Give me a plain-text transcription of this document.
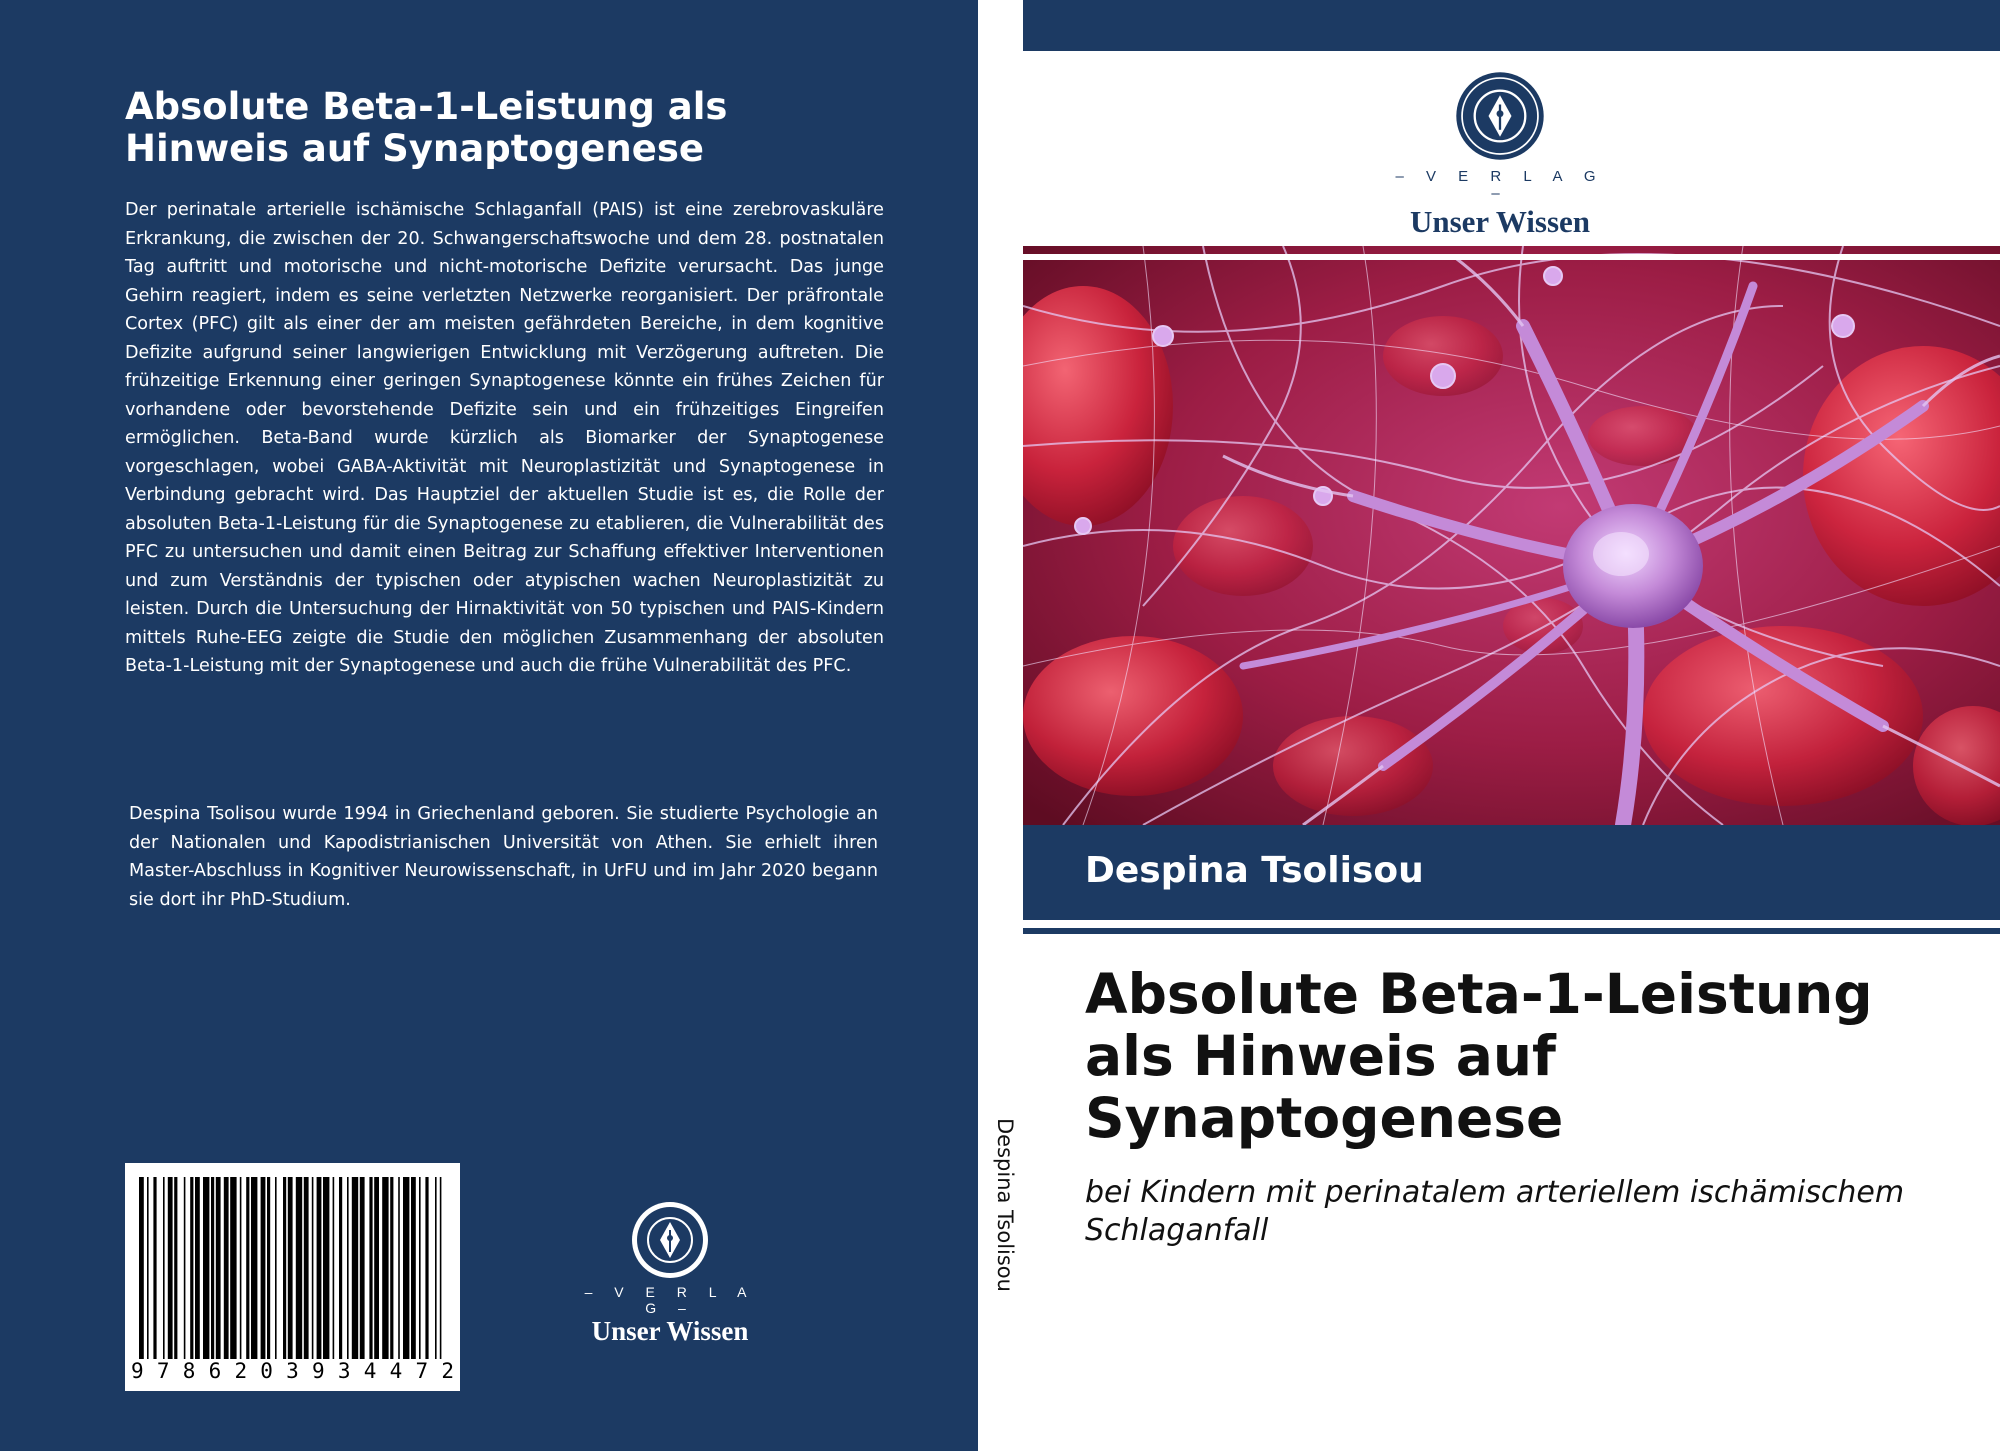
Absolute Beta-1-Leistung als Hinweis auf Synaptogenese

Der perinatale arterielle ischämische Schlaganfall (PAIS) ist eine zerebrovaskuläre Erkrankung, die zwischen der 20. Schwangerschaftswoche und dem 28. postnatalen Tag auftritt und motorische und nicht-motorische Defizite verursacht. Das junge Gehirn reagiert, indem es seine verletzten Netzwerke reorganisiert. Der präfrontale Cortex (PFC) gilt als einer der am meisten gefährdeten Bereiche, in dem kognitive Defizite aufgrund seiner langwierigen Entwicklung mit Verzögerung auftreten. Die frühzeitige Erkennung einer geringen Synaptogenese könnte ein frühes Zeichen für vorhandene oder bevorstehende Defizite sein und ein frühzeitiges Eingreifen ermöglichen. Beta-Band wurde kürzlich als Biomarker der Synaptogenese vorgeschlagen, wobei GABA-Aktivität mit Neuroplastizität und Synaptogenese in Verbindung gebracht wird. Das Hauptziel der aktuellen Studie ist es, die Rolle der absoluten Beta-1-Leistung für die Synaptogenese zu etablieren, die Vulnerabilität des PFC zu untersuchen und damit einen Beitrag zur Schaffung effektiver Interventionen und zum Verständnis der typischen oder atypischen wachen Neuroplastizität zu leisten. Durch die Untersuchung der Hirnaktivität von 50 typischen und PAIS-Kindern mittels Ruhe-EEG zeigte die Studie den möglichen Zusammenhang der absoluten Beta-1-Leistung mit der Synaptogenese und auch die frühe Vulnerabilität des PFC.

Despina Tsolisou wurde 1994 in Griechenland geboren. Sie studierte Psychologie an der Nationalen und Kapodistrianischen Universität von Athen. Sie erhielt ihren Master-Abschluss in Kognitiver Neurowissenschaft, in UrFU und im Jahr 2020 begann sie dort ihr PhD-Studium.

9 7 8 6 2 0 3 9 3 4 4 7 2
– V E R L A G –
Unser Wissen
Despina Tsolisou
– V E R L A G –
Unser Wissen
Despina Tsolisou
Absolute Beta-1-Leistung
als Hinweis auf
Synaptogenese

bei Kindern mit perinatalem arteriellem ischämischem Schlaganfall
